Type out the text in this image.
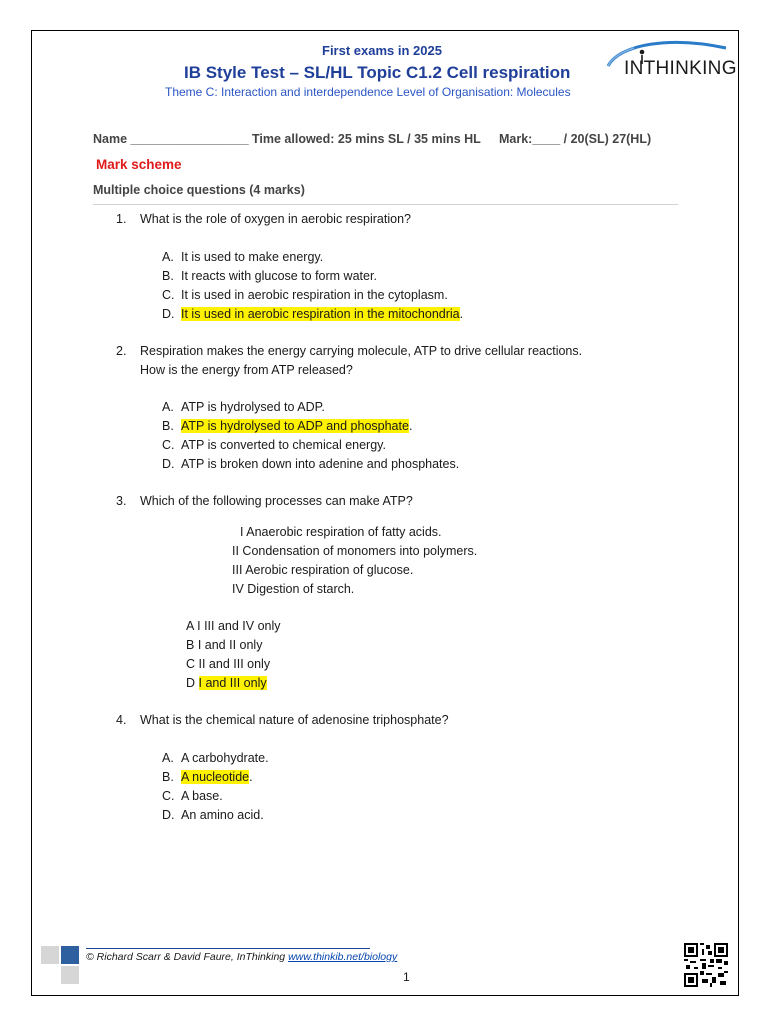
First exams in 2025
IB Style Test – SL/HL Topic C1.2 Cell respiration
Theme C: Interaction and interdependence Level of Organisation: Molecules
INTHINKING
Name _________________ Time allowed: 25 mins SL / 35 mins HL Mark:____ / 20(SL) 27(HL)
Mark scheme
Multiple choice questions (4 marks)
1. What is the role of oxygen in aerobic respiration?
A. It is used to make energy.
B. It reacts with glucose to form water.
C. It is used in aerobic respiration in the cytoplasm.
D. It is used in aerobic respiration in the mitochondria.
2. Respiration makes the energy carrying molecule, ATP to drive cellular reactions.
How is the energy from ATP released?
A. ATP is hydrolysed to ADP.
B. ATP is hydrolysed to ADP and phosphate.
C. ATP is converted to chemical energy.
D. ATP is broken down into adenine and phosphates.
3. Which of the following processes can make ATP?
I Anaerobic respiration of fatty acids.
II Condensation of monomers into polymers.
III Aerobic respiration of glucose.
IV Digestion of starch.
A I III and IV only
B I and II only
C II and III only
D I and III only
4. What is the chemical nature of adenosine triphosphate?
A. A carbohydrate.
B. A nucleotide.
C. A base.
D. An amino acid.
© Richard Scarr & David Faure, InThinking www.thinkib.net/biology
1
